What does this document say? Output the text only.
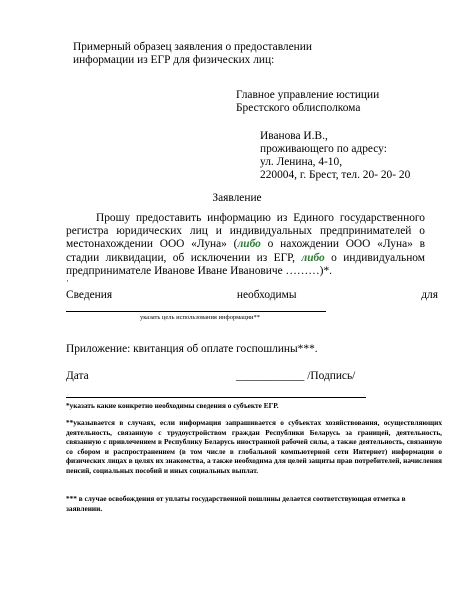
Примерный образец заявления о предоставлении
информации из ЕГР для физических лиц:
Главное управление юстиции
Брестского облисполкома
Иванова И.В.,
проживающего по адресу:
ул. Ленина, 4-10,
220004, г. Брест, тел. 20- 20- 20
Заявление
Прошу предоставить информацию из Единого государственного регистра юридических лиц и индивидуальных предпринимателей о местонахождении ООО «Луна» (либо о нахождении ООО «Луна» в стадии ликвидации, об исключении из ЕГР, либо о индивидуальном предпринимателе Иванове Иване Ивановиче ………)*.
·
Сведения	необходимы	для
указать цель использования информации**
Приложение: квитанция об оплате госпошлины***.
Дата	____________ /Подпись/
*указать какие конкретно необходимы сведения о субъекте ЕГР.
**указывается в случаях, если информация запрашивается о субъектах хозяйствования, осуществляющих деятельность, связанную с трудоустройством граждан Республики Беларусь за границей, деятельность, связанную с привлечением в Республику Беларусь иностранной рабочей силы, а также деятельность, связанную со сбором и распространением (в том числе в глобальной компьютерной сети Интернет) информации о физических лицах в целях их знакомства, а также необходима для целей защиты прав потребителей, начисления пенсий, социальных пособий и иных социальных выплат.
*** в случае освобождения от уплаты государственной пошлины делается соответствующая отметка в заявлении.
